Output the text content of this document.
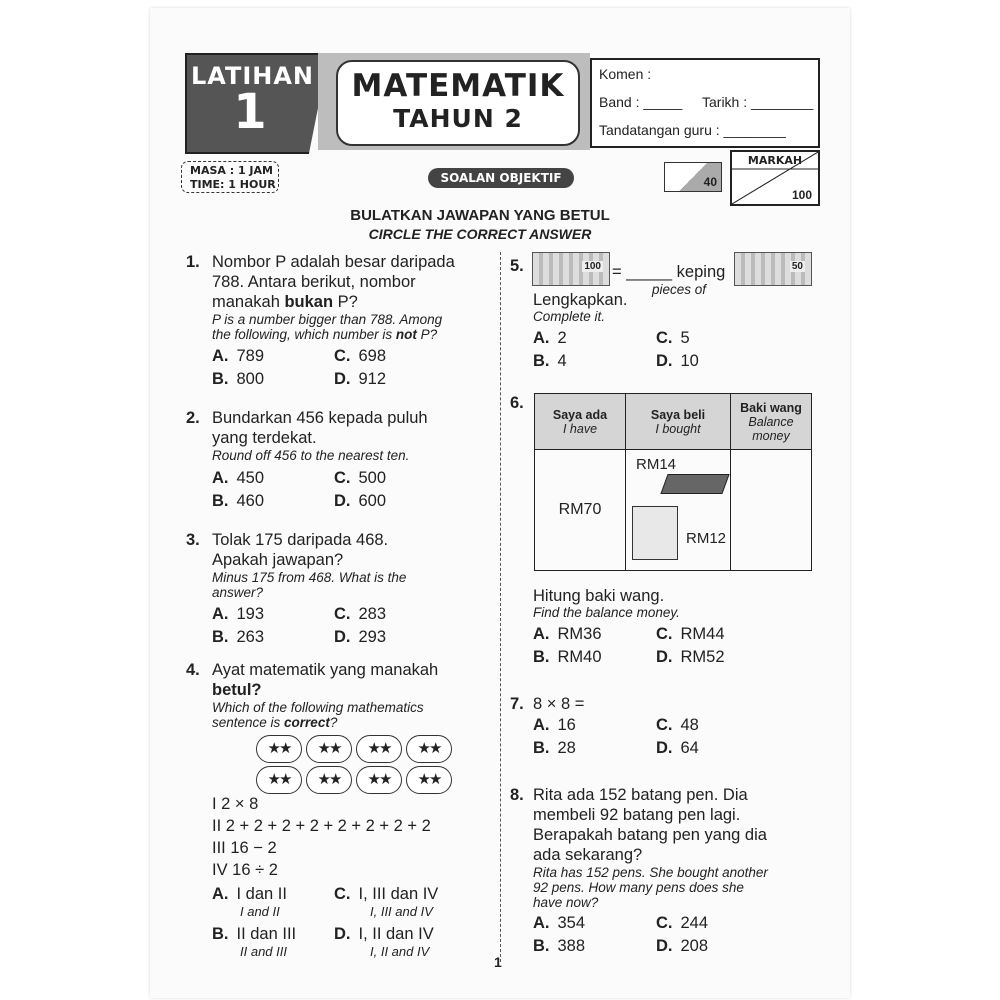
LATIHAN
1	MATEMATIK
TAHUN 2
Komen :
Band : _____ Tarikh : ________
Tandatangan guru : ________
MASA : 1 JAM
TIME: 1 HOUR	SOALAN OBJEKTIF	40
MARKAH
100
BULATKAN JAWAPAN YANG BETUL
CIRCLE THE CORRECT ANSWER
1. Nombor P adalah besar daripada
788. Antara berikut, nombor
manakah bukan P?
P is a number bigger than 788. Among
the following, which number is not P?
A. 789	C. 698
B. 800	D. 912
2. Bundarkan 456 kepada puluh
yang terdekat.
Round off 456 to the nearest ten.
A. 450	C. 500
B. 460	D. 600
3. Tolak 175 daripada 468.
Apakah jawapan?
Minus 175 from 468. What is the
answer?
A. 193	C. 283
B. 263	D. 293
4. Ayat matematik yang manakah
betul?
Which of the following mathematics
sentence is correct?
★★	★★	★★	★★
★★	★★	★★	★★
I 2 × 8
II 2 + 2 + 2 + 2 + 2 + 2 + 2 + 2
III 16 − 2
IV 16 ÷ 2
A. I dan II
I and II
C. I, III dan IV
I, III and IV
B. II dan III
II and III
D. I, II dan IV
I, II and IV
5.	100 = _____ keping
pieces of
50
Lengkapkan.
Complete it.
A. 2	C. 5
B. 4	D. 10
6.
Saya ada
I have	Saya beli
I bought	Baki wang
Balance money
RM70	RM14
RM12	

Hitung baki wang.
Find the balance money.
A. RM36	C. RM44
B. RM40	D. RM52
7. 8 × 8 =
A. 16	C. 48
B. 28	D. 64
8. Rita ada 152 batang pen. Dia
membeli 92 batang pen lagi.
Berapakah batang pen yang dia
ada sekarang?
Rita has 152 pens. She bought another
92 pens. How many pens does she
have now?
A. 354	C. 244
B. 388	D. 208
1
